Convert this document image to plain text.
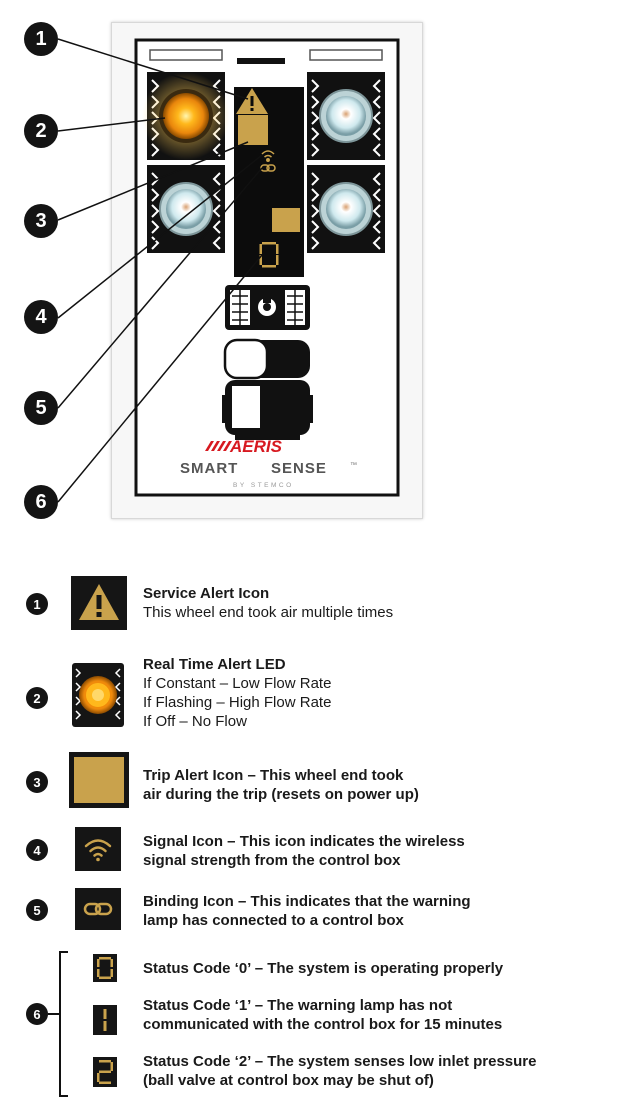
AERIS
SMART SENSE	™
BY STEMCO
1
2
3
4
5
6
1
Service Alert Icon
This wheel end took air multiple times
2
Real Time Alert LED
If Constant – Low Flow Rate
If Flashing – High Flow Rate
If Off – No Flow
3	Trip Alert Icon – This wheel end took
air during the trip (resets on power up)
4	Signal Icon – This icon indicates the wireless
signal strength from the control box
5	Binding Icon – This indicates that the warning
lamp has connected to a control box
6
Status Code ‘0’ – The system is operating properly
Status Code ‘1’ – The warning lamp has not
communicated with the control box for 15 minutes
Status Code ‘2’ – The system senses low inlet pressure
(ball valve at control box may be shut of)
